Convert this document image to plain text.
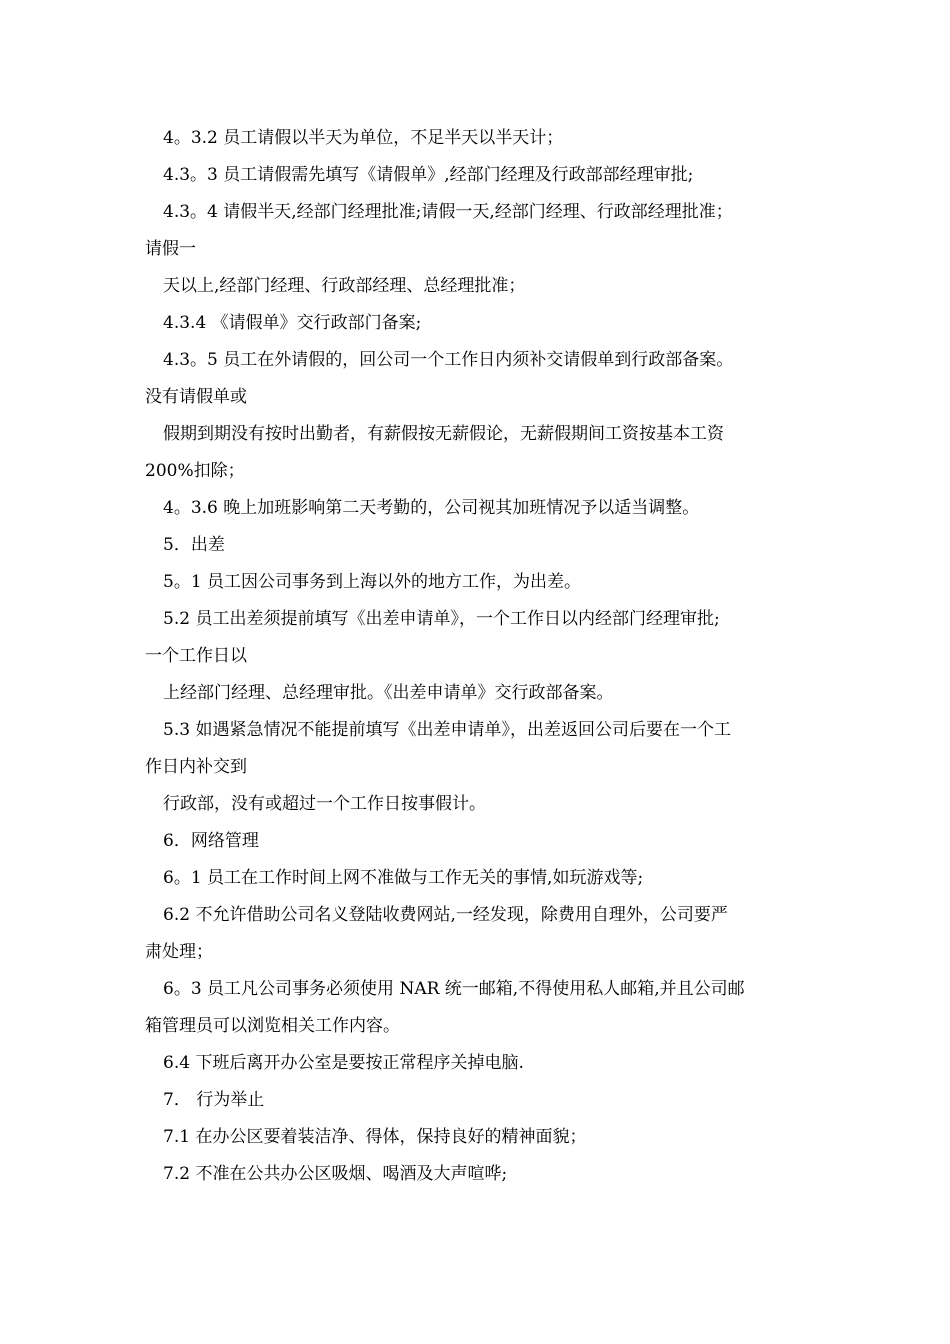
4。3.2 员工请假以半天为单位，不足半天以半天计；
4.3。3 员工请假需先填写《请假单》,经部门经理及行政部部经理审批;
4.3。4 请假半天,经部门经理批准;请假一天,经部门经理、行政部经理批准；
请假一
天以上,经部门经理、行政部经理、总经理批准；
4.3.4 《请假单》交行政部门备案;
4.3。5 员工在外请假的，回公司一个工作日内须补交请假单到行政部备案。
没有请假单或
假期到期没有按时出勤者，有薪假按无薪假论，无薪假期间工资按基本工资
200%扣除；
4。3.6 晚上加班影响第二天考勤的，公司视其加班情况予以适当调整。
5．出差
5。1 员工因公司事务到上海以外的地方工作，为出差。
5.2 员工出差须提前填写《出差申请单》，一个工作日以内经部门经理审批;
一个工作日以
上经部门经理、总经理审批。《出差申请单》交行政部备案。
5.3 如遇紧急情况不能提前填写《出差申请单》，出差返回公司后要在一个工
作日内补交到
行政部，没有或超过一个工作日按事假计。
6．网络管理
6。1 员工在工作时间上网不准做与工作无关的事情,如玩游戏等;
6.2 不允许借助公司名义登陆收费网站,一经发现，除费用自理外，公司要严
肃处理；
6。3 员工凡公司事务必须使用 NAR 统一邮箱,不得使用私人邮箱,并且公司邮
箱管理员可以浏览相关工作内容。
6.4 下班后离开办公室是要按正常程序关掉电脑.
7． 行为举止
7.1 在办公区要着装洁净、得体，保持良好的精神面貌；
7.2 不准在公共办公区吸烟、喝酒及大声喧哗;
